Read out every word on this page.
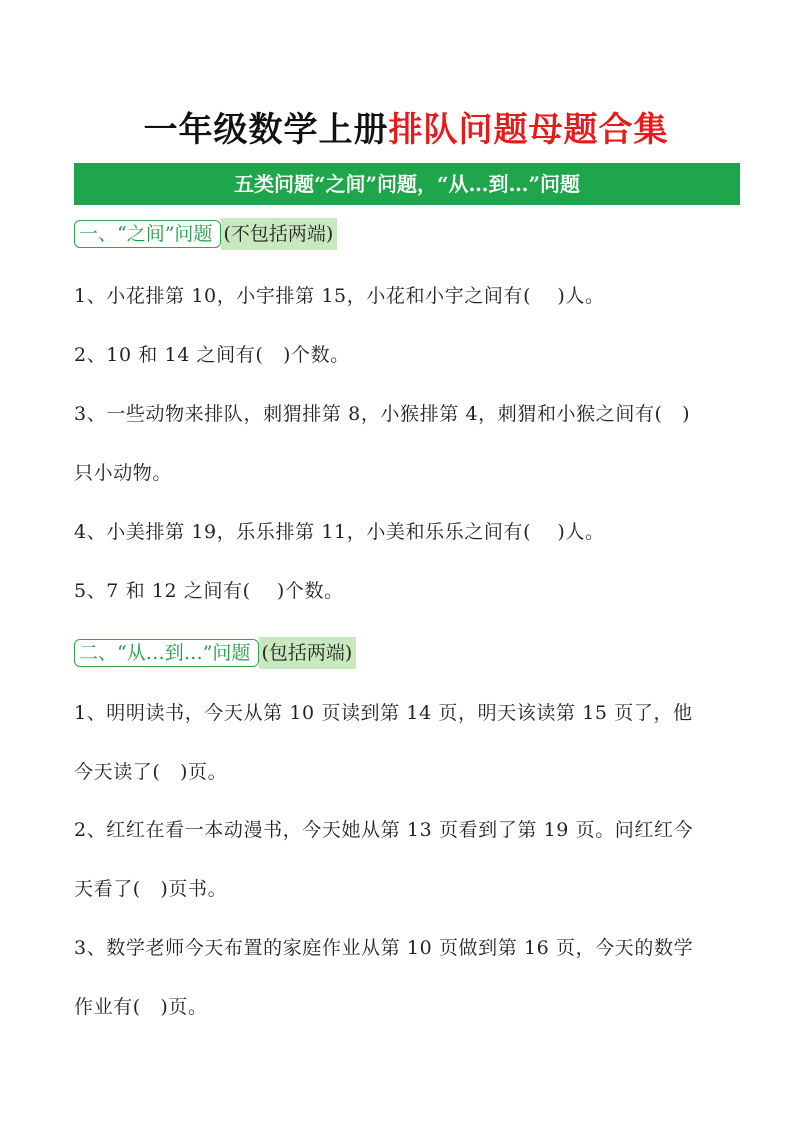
一年级数学上册排队问题母题合集
五类问题“之间”问题，“从…到…”问题
一、“之间”问题 (不包括两端)
1、小花排第 10，小宇排第 15，小花和小宇之间有(　 )人。
2、10 和 14 之间有(　)个数。
3、一些动物来排队，刺猬排第 8，小猴排第 4，刺猬和小猴之间有(　)
只小动物。
4、小美排第 19，乐乐排第 11，小美和乐乐之间有(　 )人。
5、7 和 12 之间有(　 )个数。
二、“从…到…”问题 (包括两端)
1、明明读书，今天从第 10 页读到第 14 页，明天该读第 15 页了，他
今天读了(　)页。
2、红红在看一本动漫书，今天她从第 13 页看到了第 19 页。问红红今
天看了(　)页书。
3、数学老师今天布置的家庭作业从第 10 页做到第 16 页，今天的数学
作业有(　)页。
